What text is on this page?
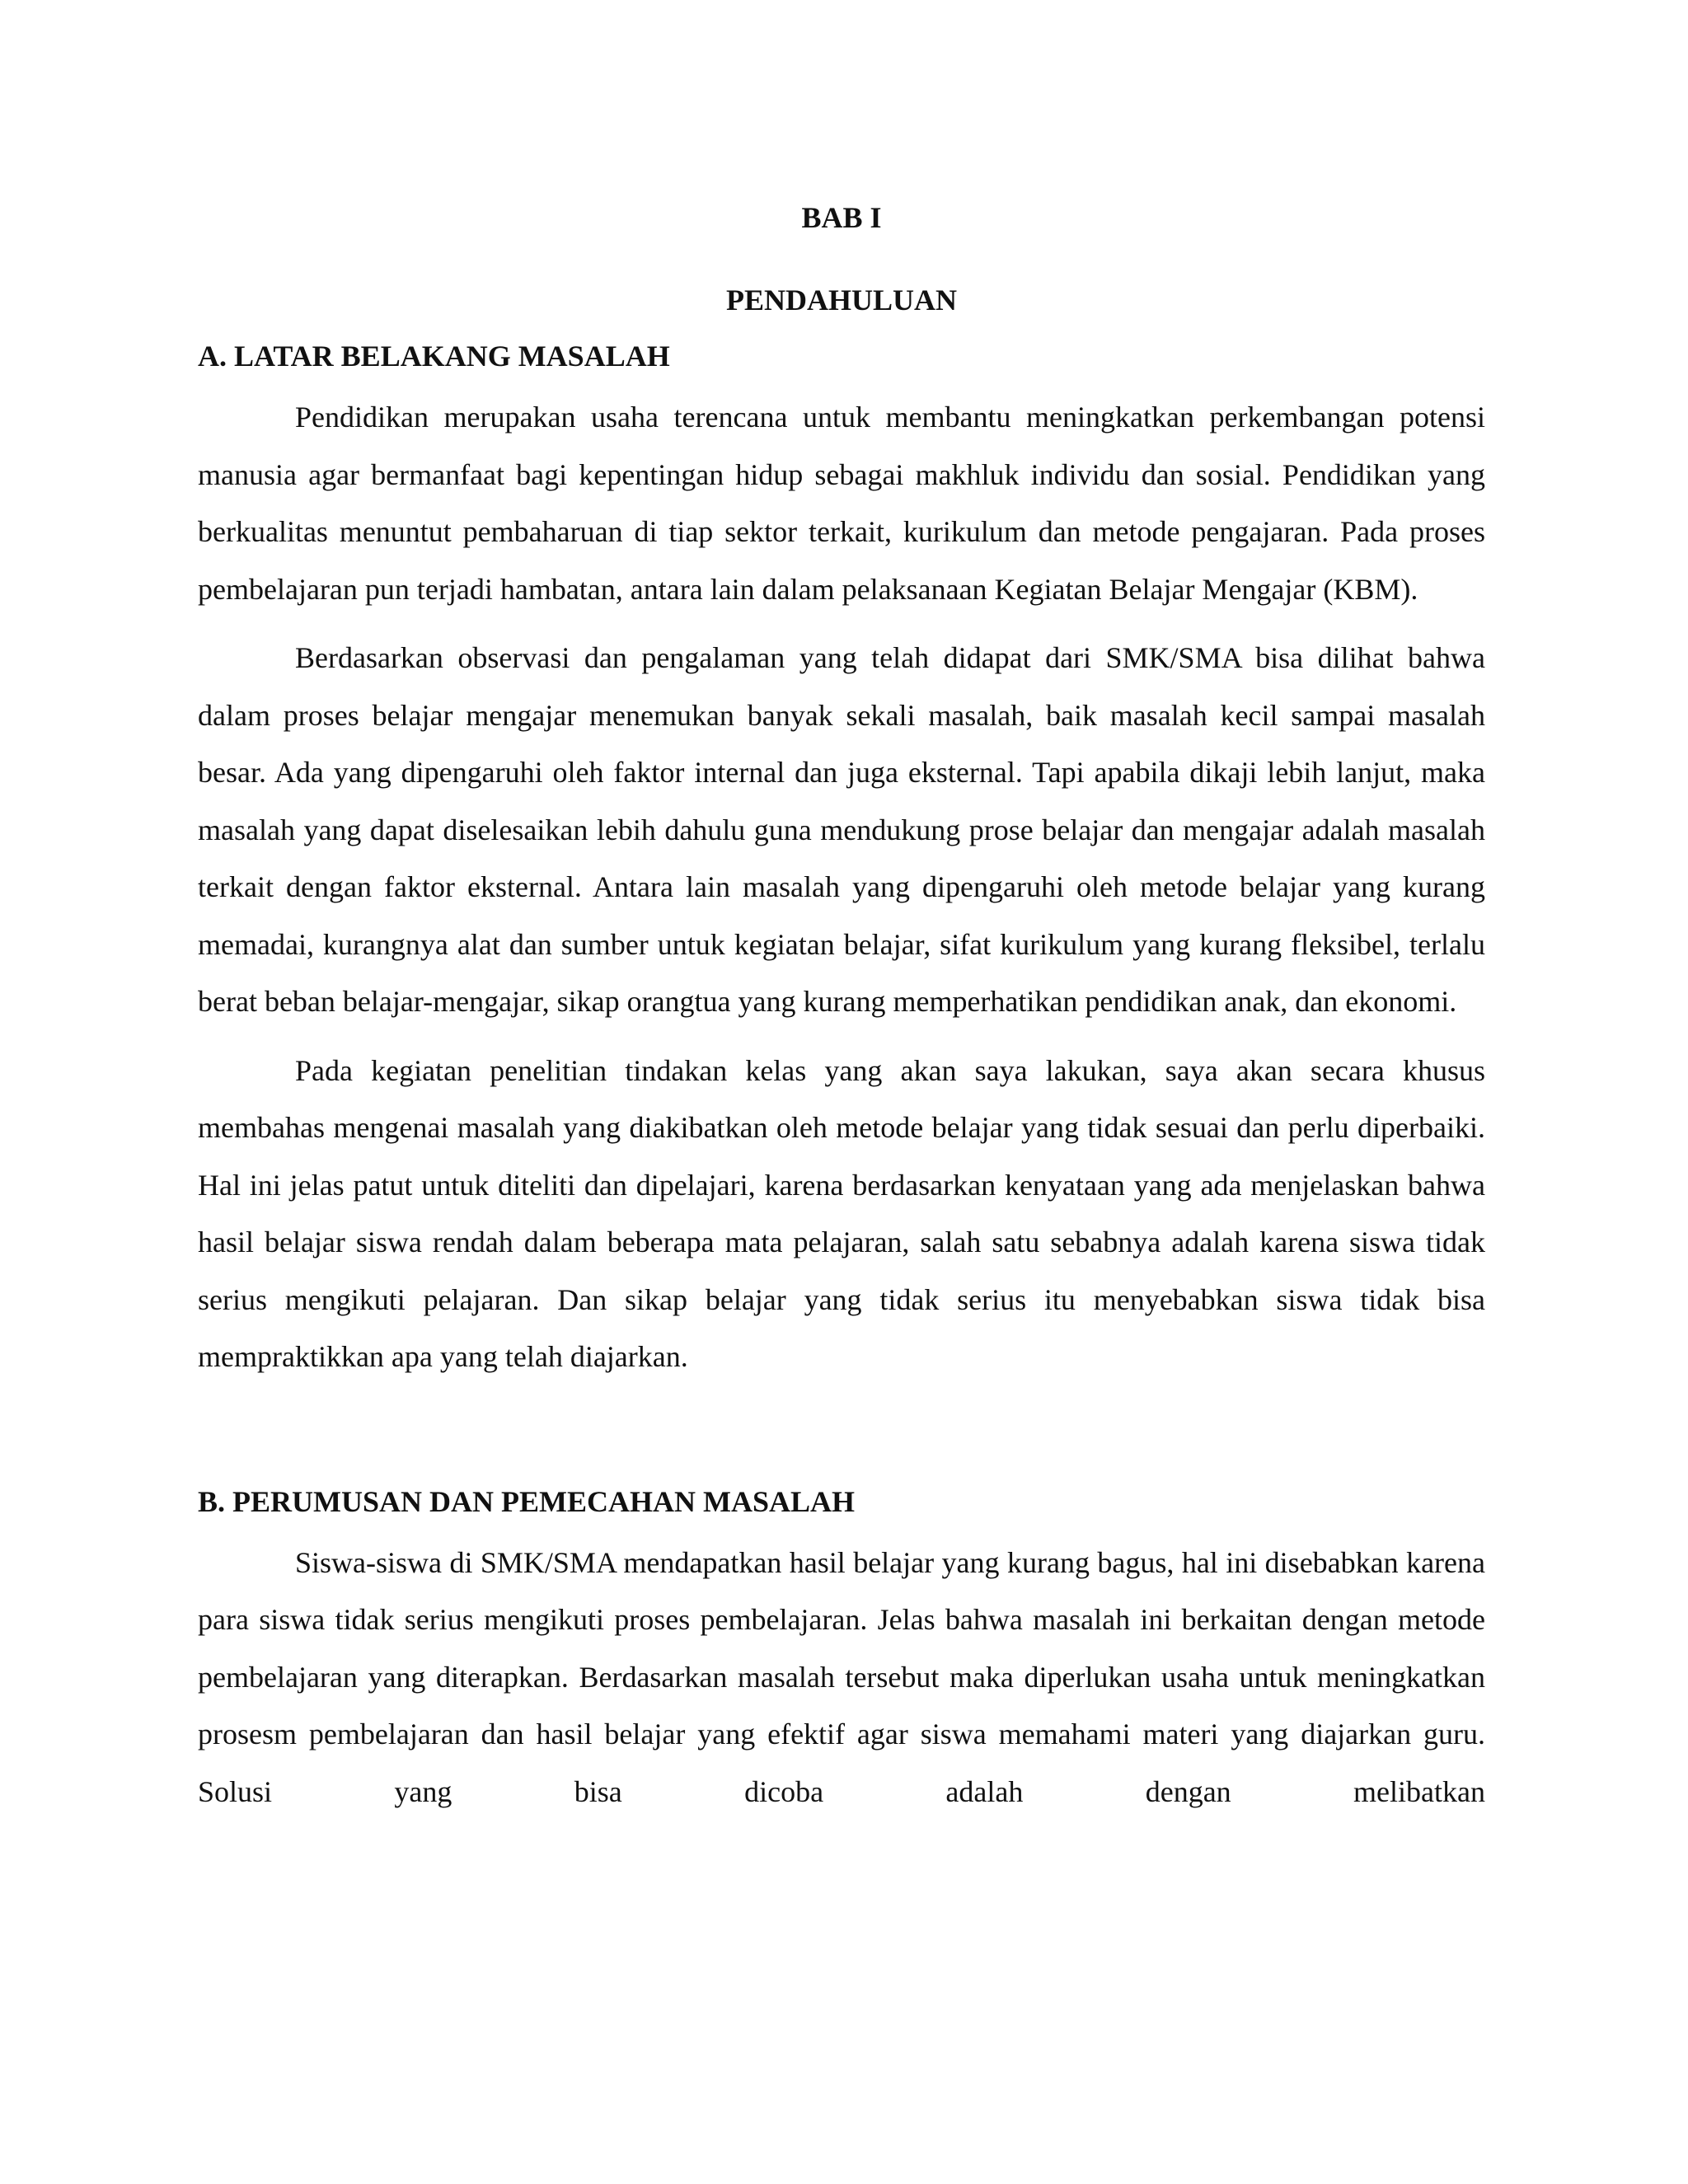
BAB I
PENDAHULUAN
A. LATAR BELAKANG MASALAH

Pendidikan merupakan usaha terencana untuk membantu meningkatkan perkembangan potensi manusia agar bermanfaat bagi kepentingan hidup sebagai makhluk individu dan sosial. Pendidikan yang berkualitas menuntut pembaharuan di tiap sektor terkait, kurikulum dan metode pengajaran. Pada proses pembelajaran pun terjadi hambatan, antara lain dalam pelaksanaan Kegiatan Belajar Mengajar (KBM).

Berdasarkan observasi dan pengalaman yang telah didapat dari SMK/SMA bisa dilihat bahwa dalam proses belajar mengajar menemukan banyak sekali masalah, baik masalah kecil sampai masalah besar. Ada yang dipengaruhi oleh faktor internal dan juga eksternal. Tapi apabila dikaji lebih lanjut, maka masalah yang dapat diselesaikan lebih dahulu guna mendukung prose belajar dan mengajar adalah masalah terkait dengan faktor eksternal. Antara lain masalah yang dipengaruhi oleh metode belajar yang kurang memadai, kurangnya alat dan sumber untuk kegiatan belajar, sifat kurikulum yang kurang fleksibel, terlalu berat beban belajar-mengajar, sikap orangtua yang kurang memperhatikan pendidikan anak, dan ekonomi.

Pada kegiatan penelitian tindakan kelas yang akan saya lakukan, saya akan secara khusus membahas mengenai masalah yang diakibatkan oleh metode belajar yang tidak sesuai dan perlu diperbaiki. Hal ini jelas patut untuk diteliti dan dipelajari, karena berdasarkan kenyataan yang ada menjelaskan bahwa hasil belajar siswa rendah dalam beberapa mata pelajaran, salah satu sebabnya adalah karena siswa tidak serius mengikuti pelajaran. Dan sikap belajar yang tidak serius itu menyebabkan siswa tidak bisa mempraktikkan apa yang telah diajarkan.

B. PERUMUSAN DAN PEMECAHAN MASALAH

Siswa-siswa di SMK/SMA mendapatkan hasil belajar yang kurang bagus, hal ini disebabkan karena para siswa tidak serius mengikuti proses pembelajaran. Jelas bahwa masalah ini berkaitan dengan metode pembelajaran yang diterapkan. Berdasarkan masalah tersebut maka diperlukan usaha untuk meningkatkan prosesm pembelajaran dan hasil belajar yang efektif agar siswa memahami materi yang diajarkan guru. Solusi yang bisa dicoba adalah dengan melibatkan
